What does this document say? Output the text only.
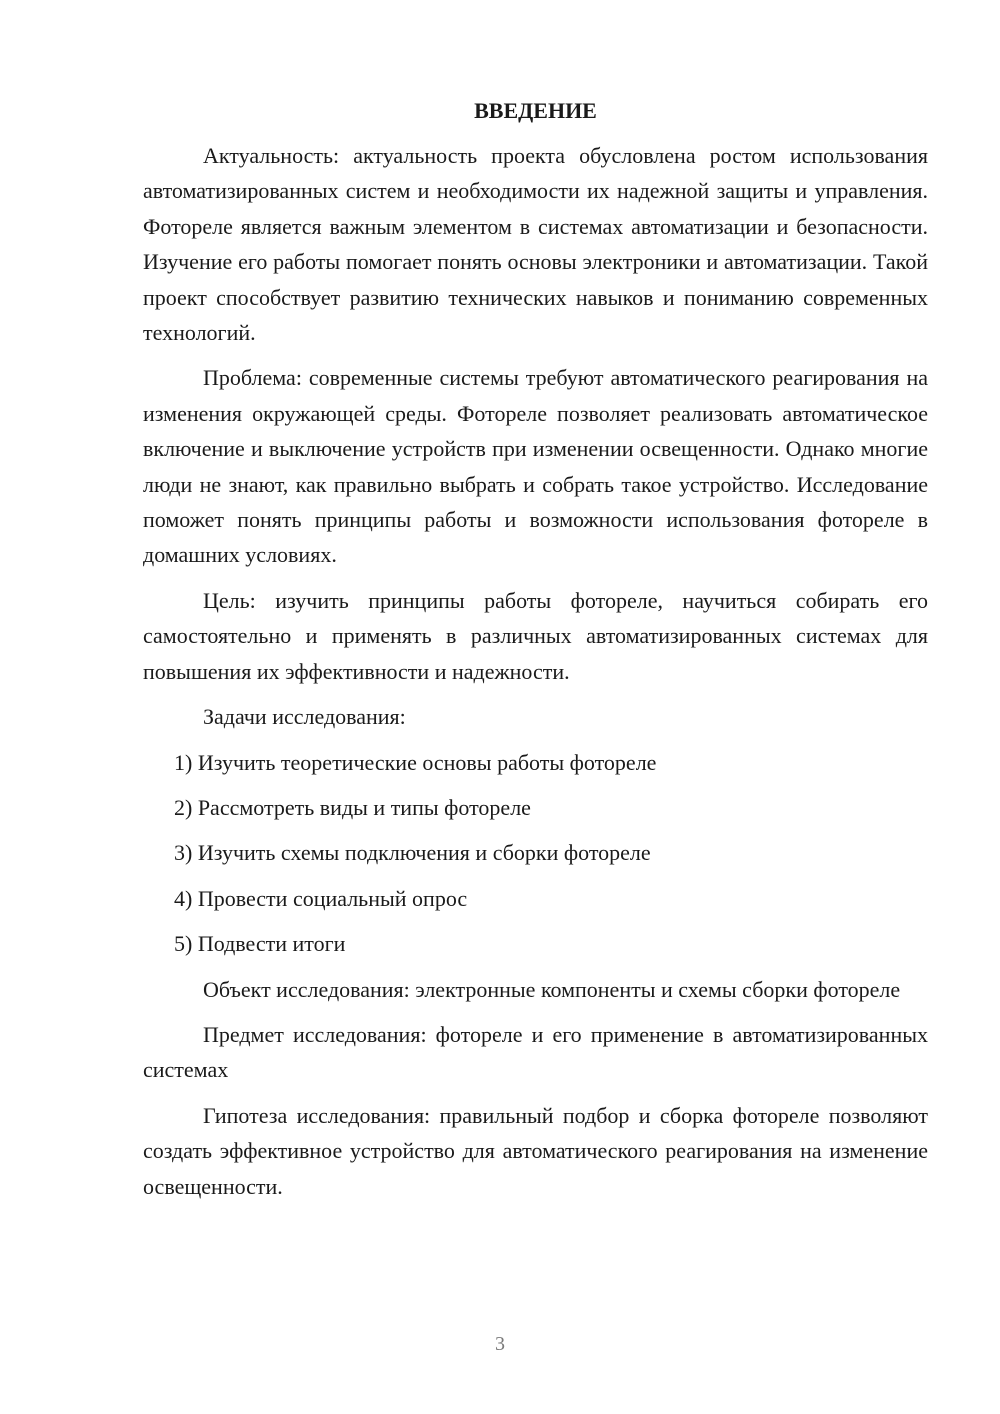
ВВЕДЕНИЕ

Актуальность: актуальность проекта обусловлена ростом использования автоматизированных систем и необходимости их надежной защиты и управления. Фотореле является важным элементом в системах автоматизации и безопасности. Изучение его работы помогает понять основы электроники и автоматизации. Такой проект способствует развитию технических навыков и пониманию современных технологий.

Проблема: современные системы требуют автоматического реагирования на изменения окружающей среды. Фотореле позволяет реализовать автоматическое включение и выключение устройств при изменении освещенности. Однако многие люди не знают, как правильно выбрать и собрать такое устройство. Исследование поможет понять принципы работы и возможности использования фотореле в домашних условиях.

Цель: изучить принципы работы фотореле, научиться собирать его самостоятельно и применять в различных автоматизированных системах для повышения их эффективности и надежности.

Задачи исследования:

1) Изучить теоретические основы работы фотореле
2) Рассмотреть виды и типы фотореле
3) Изучить схемы подключения и сборки фотореле
4) Провести социальный опрос
5) Подвести итоги

Объект исследования: электронные компоненты и схемы сборки фотореле

Предмет исследования: фотореле и его применение в автоматизированных системах

Гипотеза исследования: правильный подбор и сборка фотореле позволяют создать эффективное устройство для автоматического реагирования на изменение освещенности.

3
